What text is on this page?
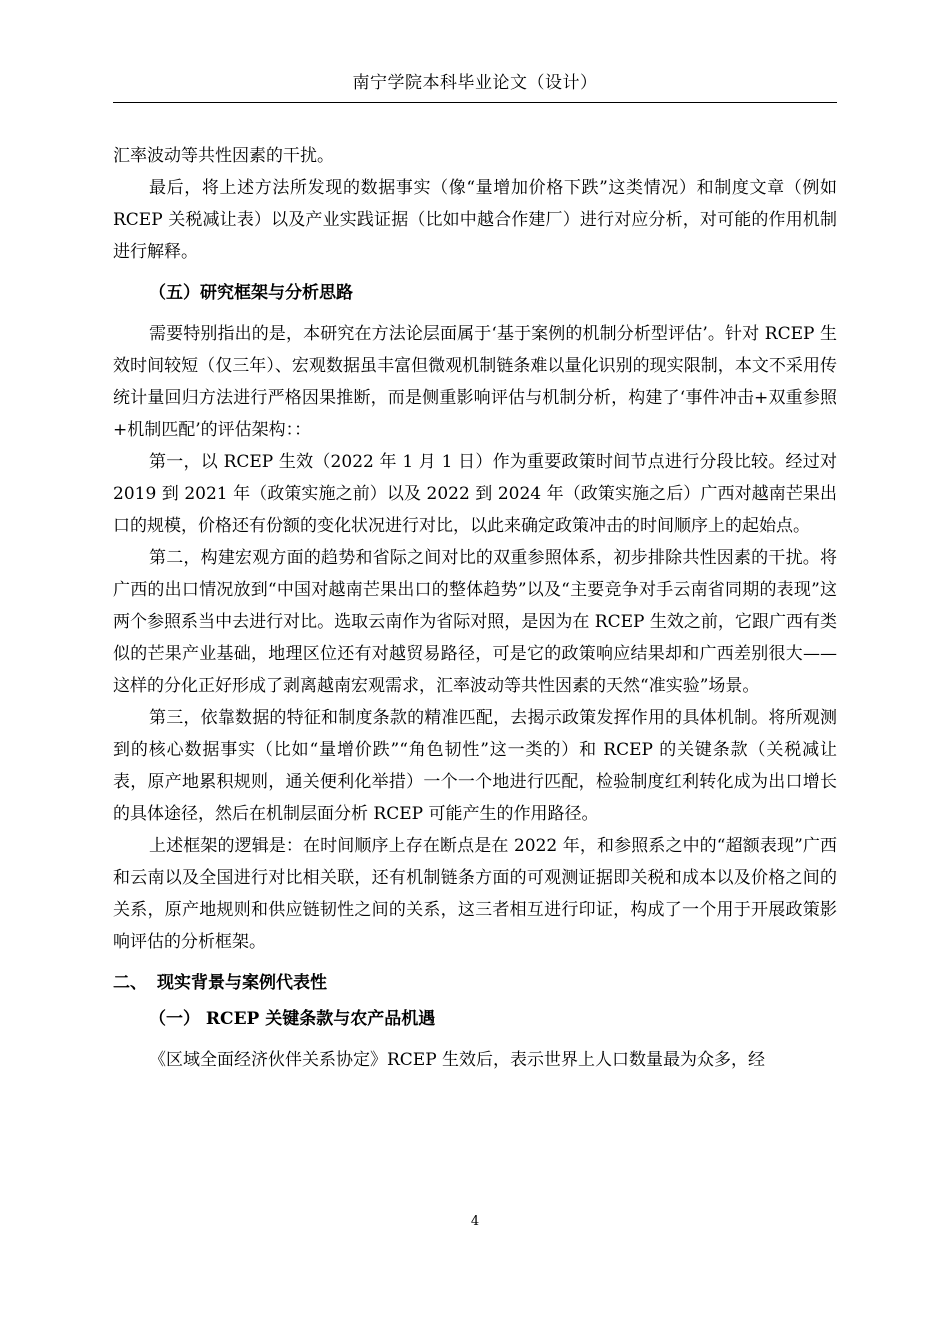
南宁学院本科毕业论文（设计）

汇率波动等共性因素的干扰。

最后，将上述方法所发现的数据事实（像“量增加价格下跌”这类情况）和制度文章（例如 RCEP 关税减让表）以及产业实践证据（比如中越合作建厂）进行对应分析，对可能的作用机制进行解释。

（五）研究框架与分析思路

需要特别指出的是，本研究在方法论层面属于‘基于案例的机制分析型评估’。针对 RCEP 生效时间较短（仅三年）、宏观数据虽丰富但微观机制链条难以量化识别的现实限制，本文不采用传统计量回归方法进行严格因果推断，而是侧重影响评估与机制分析，构建了‘事件冲击+双重参照+机制匹配’的评估架构：：

第一，以 RCEP 生效（2022 年 1 月 1 日）作为重要政策时间节点进行分段比较。经过对 2019 到 2021 年（政策实施之前）以及 2022 到 2024 年（政策实施之后）广西对越南芒果出口的规模，价格还有份额的变化状况进行对比，以此来确定政策冲击的时间顺序上的起始点。

第二，构建宏观方面的趋势和省际之间对比的双重参照体系，初步排除共性因素的干扰。将广西的出口情况放到“中国对越南芒果出口的整体趋势”以及“主要竞争对手云南省同期的表现”这两个参照系当中去进行对比。选取云南作为省际对照，是因为在 RCEP 生效之前，它跟广西有类似的芒果产业基础，地理区位还有对越贸易路径，可是它的政策响应结果却和广西差别很大——这样的分化正好形成了剥离越南宏观需求，汇率波动等共性因素的天然“准实验”场景。

第三，依靠数据的特征和制度条款的精准匹配，去揭示政策发挥作用的具体机制。将所观测到的核心数据事实（比如“量增价跌”“角色韧性”这一类的）和 RCEP 的关键条款（关税减让表，原产地累积规则，通关便利化举措）一个一个地进行匹配，检验制度红利转化成为出口增长的具体途径，然后在机制层面分析 RCEP 可能产生的作用路径。

上述框架的逻辑是：在时间顺序上存在断点是在 2022 年，和参照系之中的“超额表现”广西和云南以及全国进行对比相关联，还有机制链条方面的可观测证据即关税和成本以及价格之间的关系，原产地规则和供应链韧性之间的关系，这三者相互进行印证，构成了一个用于开展政策影响评估的分析框架。

二、 现实背景与案例代表性
（一） RCEP 关键条款与农产品机遇

《区域全面经济伙伴关系协定》RCEP 生效后，表示世界上人口数量最为众多，经

4
